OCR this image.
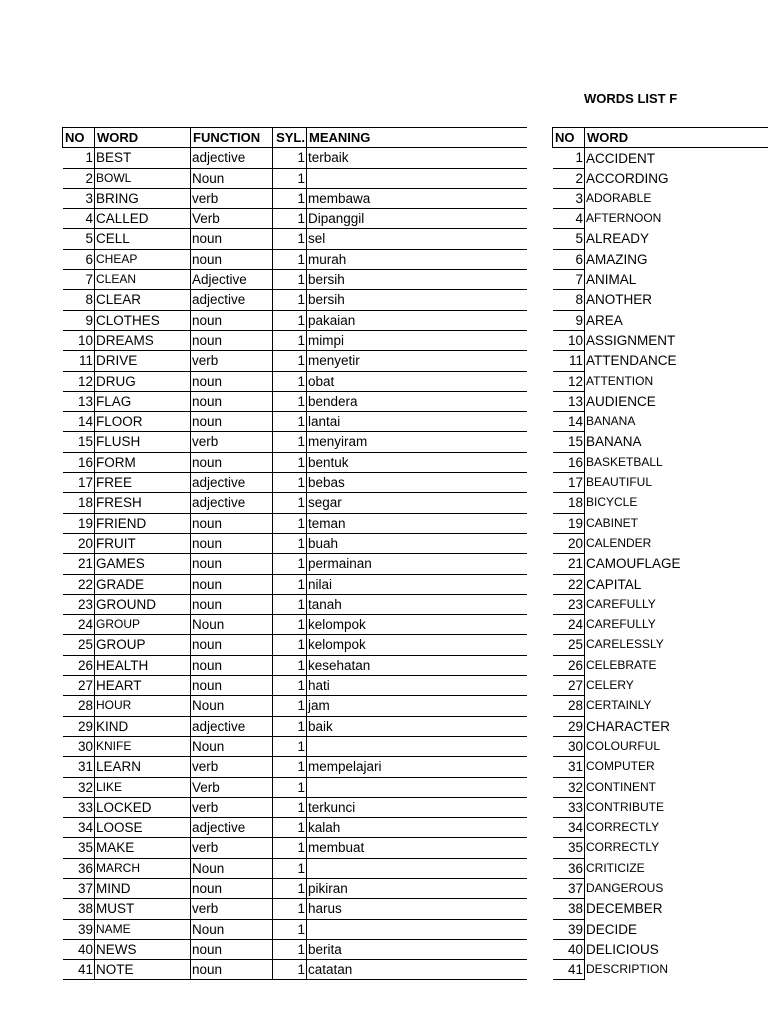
WORDS LIST F
NO	WORD	FUNCTION	SYL.	MEANING
1	BEST	adjective	1	terbaik
2	BOWL	Noun	1	
3	BRING	verb	1	membawa
4	CALLED	Verb	1	Dipanggil
5	CELL	noun	1	sel
6	CHEAP	noun	1	murah
7	CLEAN	Adjective	1	bersih
8	CLEAR	adjective	1	bersih
9	CLOTHES	noun	1	pakaian
10	DREAMS	noun	1	mimpi
11	DRIVE	verb	1	menyetir
12	DRUG	noun	1	obat
13	FLAG	noun	1	bendera
14	FLOOR	noun	1	lantai
15	FLUSH	verb	1	menyiram
16	FORM	noun	1	bentuk
17	FREE	adjective	1	bebas
18	FRESH	adjective	1	segar
19	FRIEND	noun	1	teman
20	FRUIT	noun	1	buah
21	GAMES	noun	1	permainan
22	GRADE	noun	1	nilai
23	GROUND	noun	1	tanah
24	GROUP	Noun	1	kelompok
25	GROUP	noun	1	kelompok
26	HEALTH	noun	1	kesehatan
27	HEART	noun	1	hati
28	HOUR	Noun	1	jam
29	KIND	adjective	1	baik
30	KNIFE	Noun	1	
31	LEARN	verb	1	mempelajari
32	LIKE	Verb	1	
33	LOCKED	verb	1	terkunci
34	LOOSE	adjective	1	kalah
35	MAKE	verb	1	membuat
36	MARCH	Noun	1	
37	MIND	noun	1	pikiran
38	MUST	verb	1	harus
39	NAME	Noun	1	
40	NEWS	noun	1	berita
41	NOTE	noun	1	catatan
NO	WORD
1	ACCIDENT
2	ACCORDING
3	ADORABLE
4	AFTERNOON
5	ALREADY
6	AMAZING
7	ANIMAL
8	ANOTHER
9	AREA
10	ASSIGNMENT
11	ATTENDANCE
12	ATTENTION
13	AUDIENCE
14	BANANA
15	BANANA
16	BASKETBALL
17	BEAUTIFUL
18	BICYCLE
19	CABINET
20	CALENDER
21	CAMOUFLAGE
22	CAPITAL
23	CAREFULLY
24	CAREFULLY
25	CARELESSLY
26	CELEBRATE
27	CELERY
28	CERTAINLY
29	CHARACTER
30	COLOURFUL
31	COMPUTER
32	CONTINENT
33	CONTRIBUTE
34	CORRECTLY
35	CORRECTLY
36	CRITICIZE
37	DANGEROUS
38	DECEMBER
39	DECIDE
40	DELICIOUS
41	DESCRIPTION
